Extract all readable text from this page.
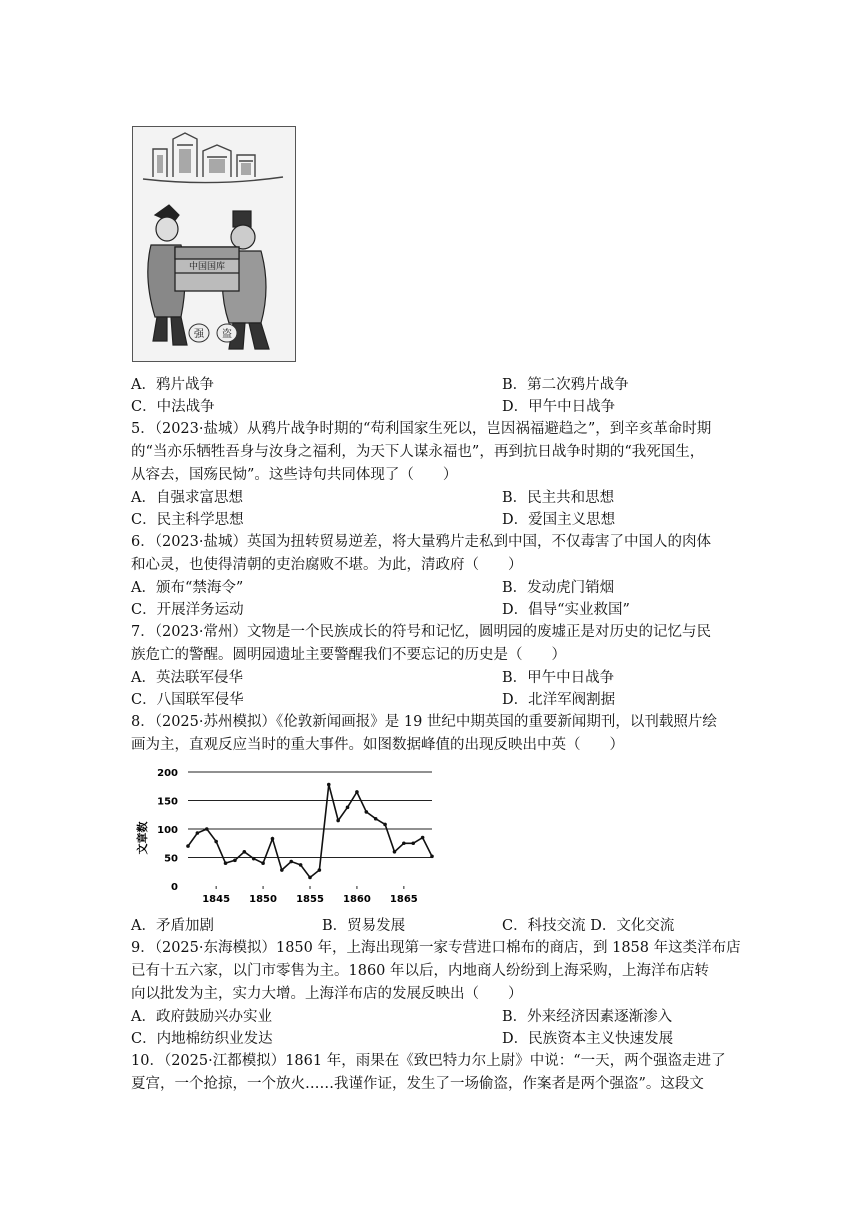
中国国库
强 盗
A．鸦片战争	B．第二次鸦片战争
C．中法战争	D．甲午中日战争
5．（2023·盐城）从鸦片战争时期的“苟利国家生死以，岂因祸福避趋之”，到辛亥革命时期
的“当亦乐牺牲吾身与汝身之福利，为天下人谋永福也”，再到抗日战争时期的“我死国生，
从容去，国殇民恸”。这些诗句共同体现了（　　）
A．自强求富思想	B．民主共和思想
C．民主科学思想	D．爱国主义思想
6．（2023·盐城）英国为扭转贸易逆差，将大量鸦片走私到中国，不仅毒害了中国人的肉体
和心灵，也使得清朝的吏治腐败不堪。为此，清政府（　　）
A．颁布“禁海令”	B．发动虎门销烟
C．开展洋务运动	D．倡导“实业救国”
7．（2023·常州）文物是一个民族成长的符号和记忆，圆明园的废墟正是对历史的记忆与民
族危亡的警醒。圆明园遗址主要警醒我们不要忘记的历史是（　　）
A．英法联军侵华	B．甲午中日战争
C．八国联军侵华	D．北洋军阀割据
8．（2025·苏州模拟）《伦敦新闻画报》是 19 世纪中期英国的重要新闻期刊，以刊载照片绘
画为主，直观反应当时的重大事件。如图数据峰值的出现反映出中英（　　）
0
50
100
150
200
1845 1850 1855 1860 1865
文章数
A．矛盾加剧	B．贸易发展	C．科技交流 D．文化交流
9．（2025·东海模拟）1850 年，上海出现第一家专营进口棉布的商店，到 1858 年这类洋布店
已有十五六家，以门市零售为主。1860 年以后，内地商人纷纷到上海采购，上海洋布店转
向以批发为主，实力大增。上海洋布店的发展反映出（　　）
A．政府鼓励兴办实业	B．外来经济因素逐渐渗入
C．内地棉纺织业发达	D．民族资本主义快速发展
10．（2025·江都模拟）1861 年，雨果在《致巴特力尔上尉》中说：“一天，两个强盗走进了
夏宫，一个抢掠，一个放火……我谨作证，发生了一场偷盗，作案者是两个强盗”。这段文
